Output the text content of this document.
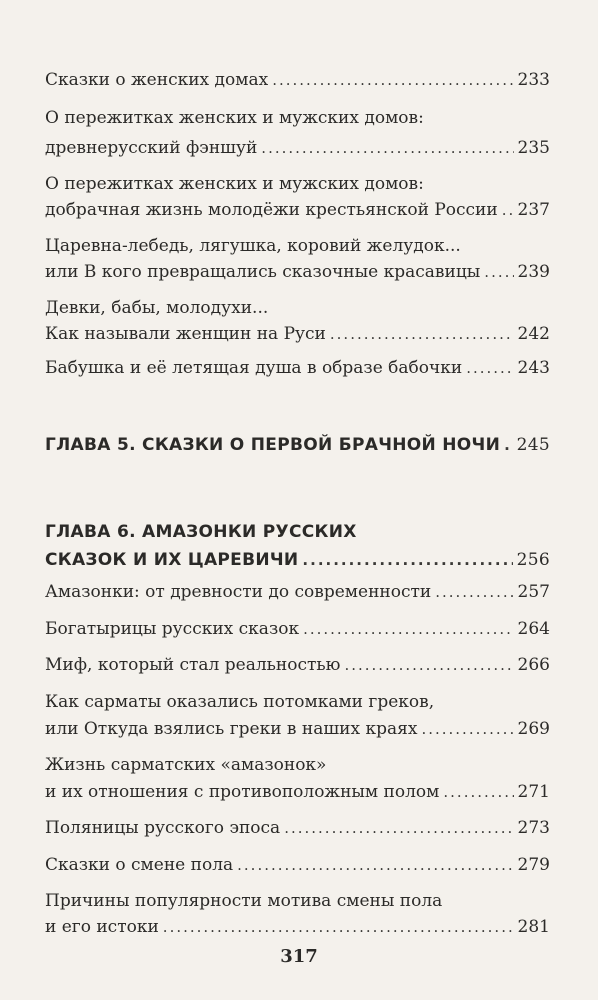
Сказки о женских домах .....	233
О пережитках женских и мужских домов:
древнерусский фэншуй .....	235
О пережитках женских и мужских домов:
добрачная жизнь молодёжи крестьянской России ..... 237
Царевна-лебедь, лягушка, коровий желудок...
или В кого превращались сказочные красавицы ..... 239
Девки, бабы, молодухи...
Как называли женщин на Руси .....	242
Бабушка и её летящая душа в образе бабочки .....	243
ГЛАВА 5. СКАЗКИ О ПЕРВОЙ БРАЧНОЙ НОЧИ ..... 245
ГЛАВА 6. АМАЗОНКИ РУССКИХ
СКАЗОК И ИХ ЦАРЕВИЧИ .....	256
Амазонки: от древности до современности .....	257
Богатырицы русских сказок .....	264
Миф, который стал реальностью .....	266
Как сарматы оказались потомками греков,
или Откуда взялись греки в наших краях .....	269
Жизнь сарматских «амазонок»
и их отношения с противоположным полом .....	271
Поляницы русского эпоса .....	273
Сказки о смене пола .....	279
Причины популярности мотива смены пола
и его истоки .....	281
317
